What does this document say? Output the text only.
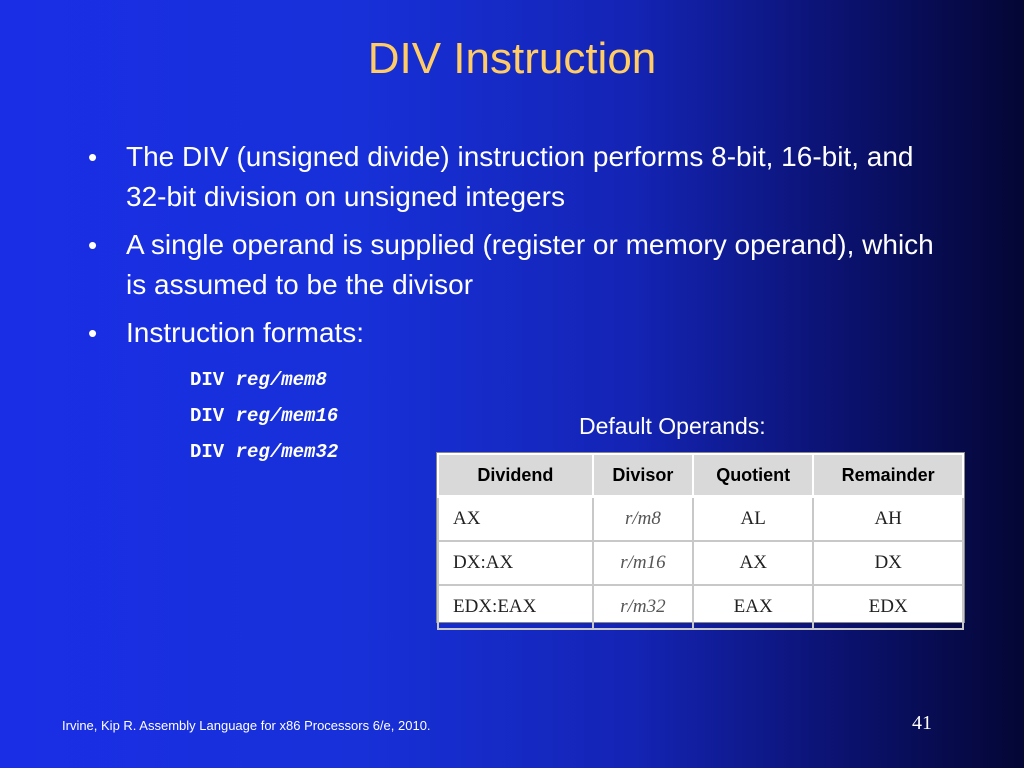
DIV Instruction
• The DIV (unsigned divide) instruction performs 8-bit, 16-bit, and 32-bit division on unsigned integers
• A single operand is supplied (register or memory operand), which is assumed to be the divisor
• Instruction formats:
DIV reg/mem8
DIV reg/mem16
DIV reg/mem32
Default Operands:
Dividend	Divisor	Quotient	Remainder
AX	r/m8	AL	AH
DX:AX	r/m16	AX	DX
EDX:EAX	r/m32	EAX	EDX
Irvine, Kip R. Assembly Language for x86 Processors 6/e, 2010.	41
